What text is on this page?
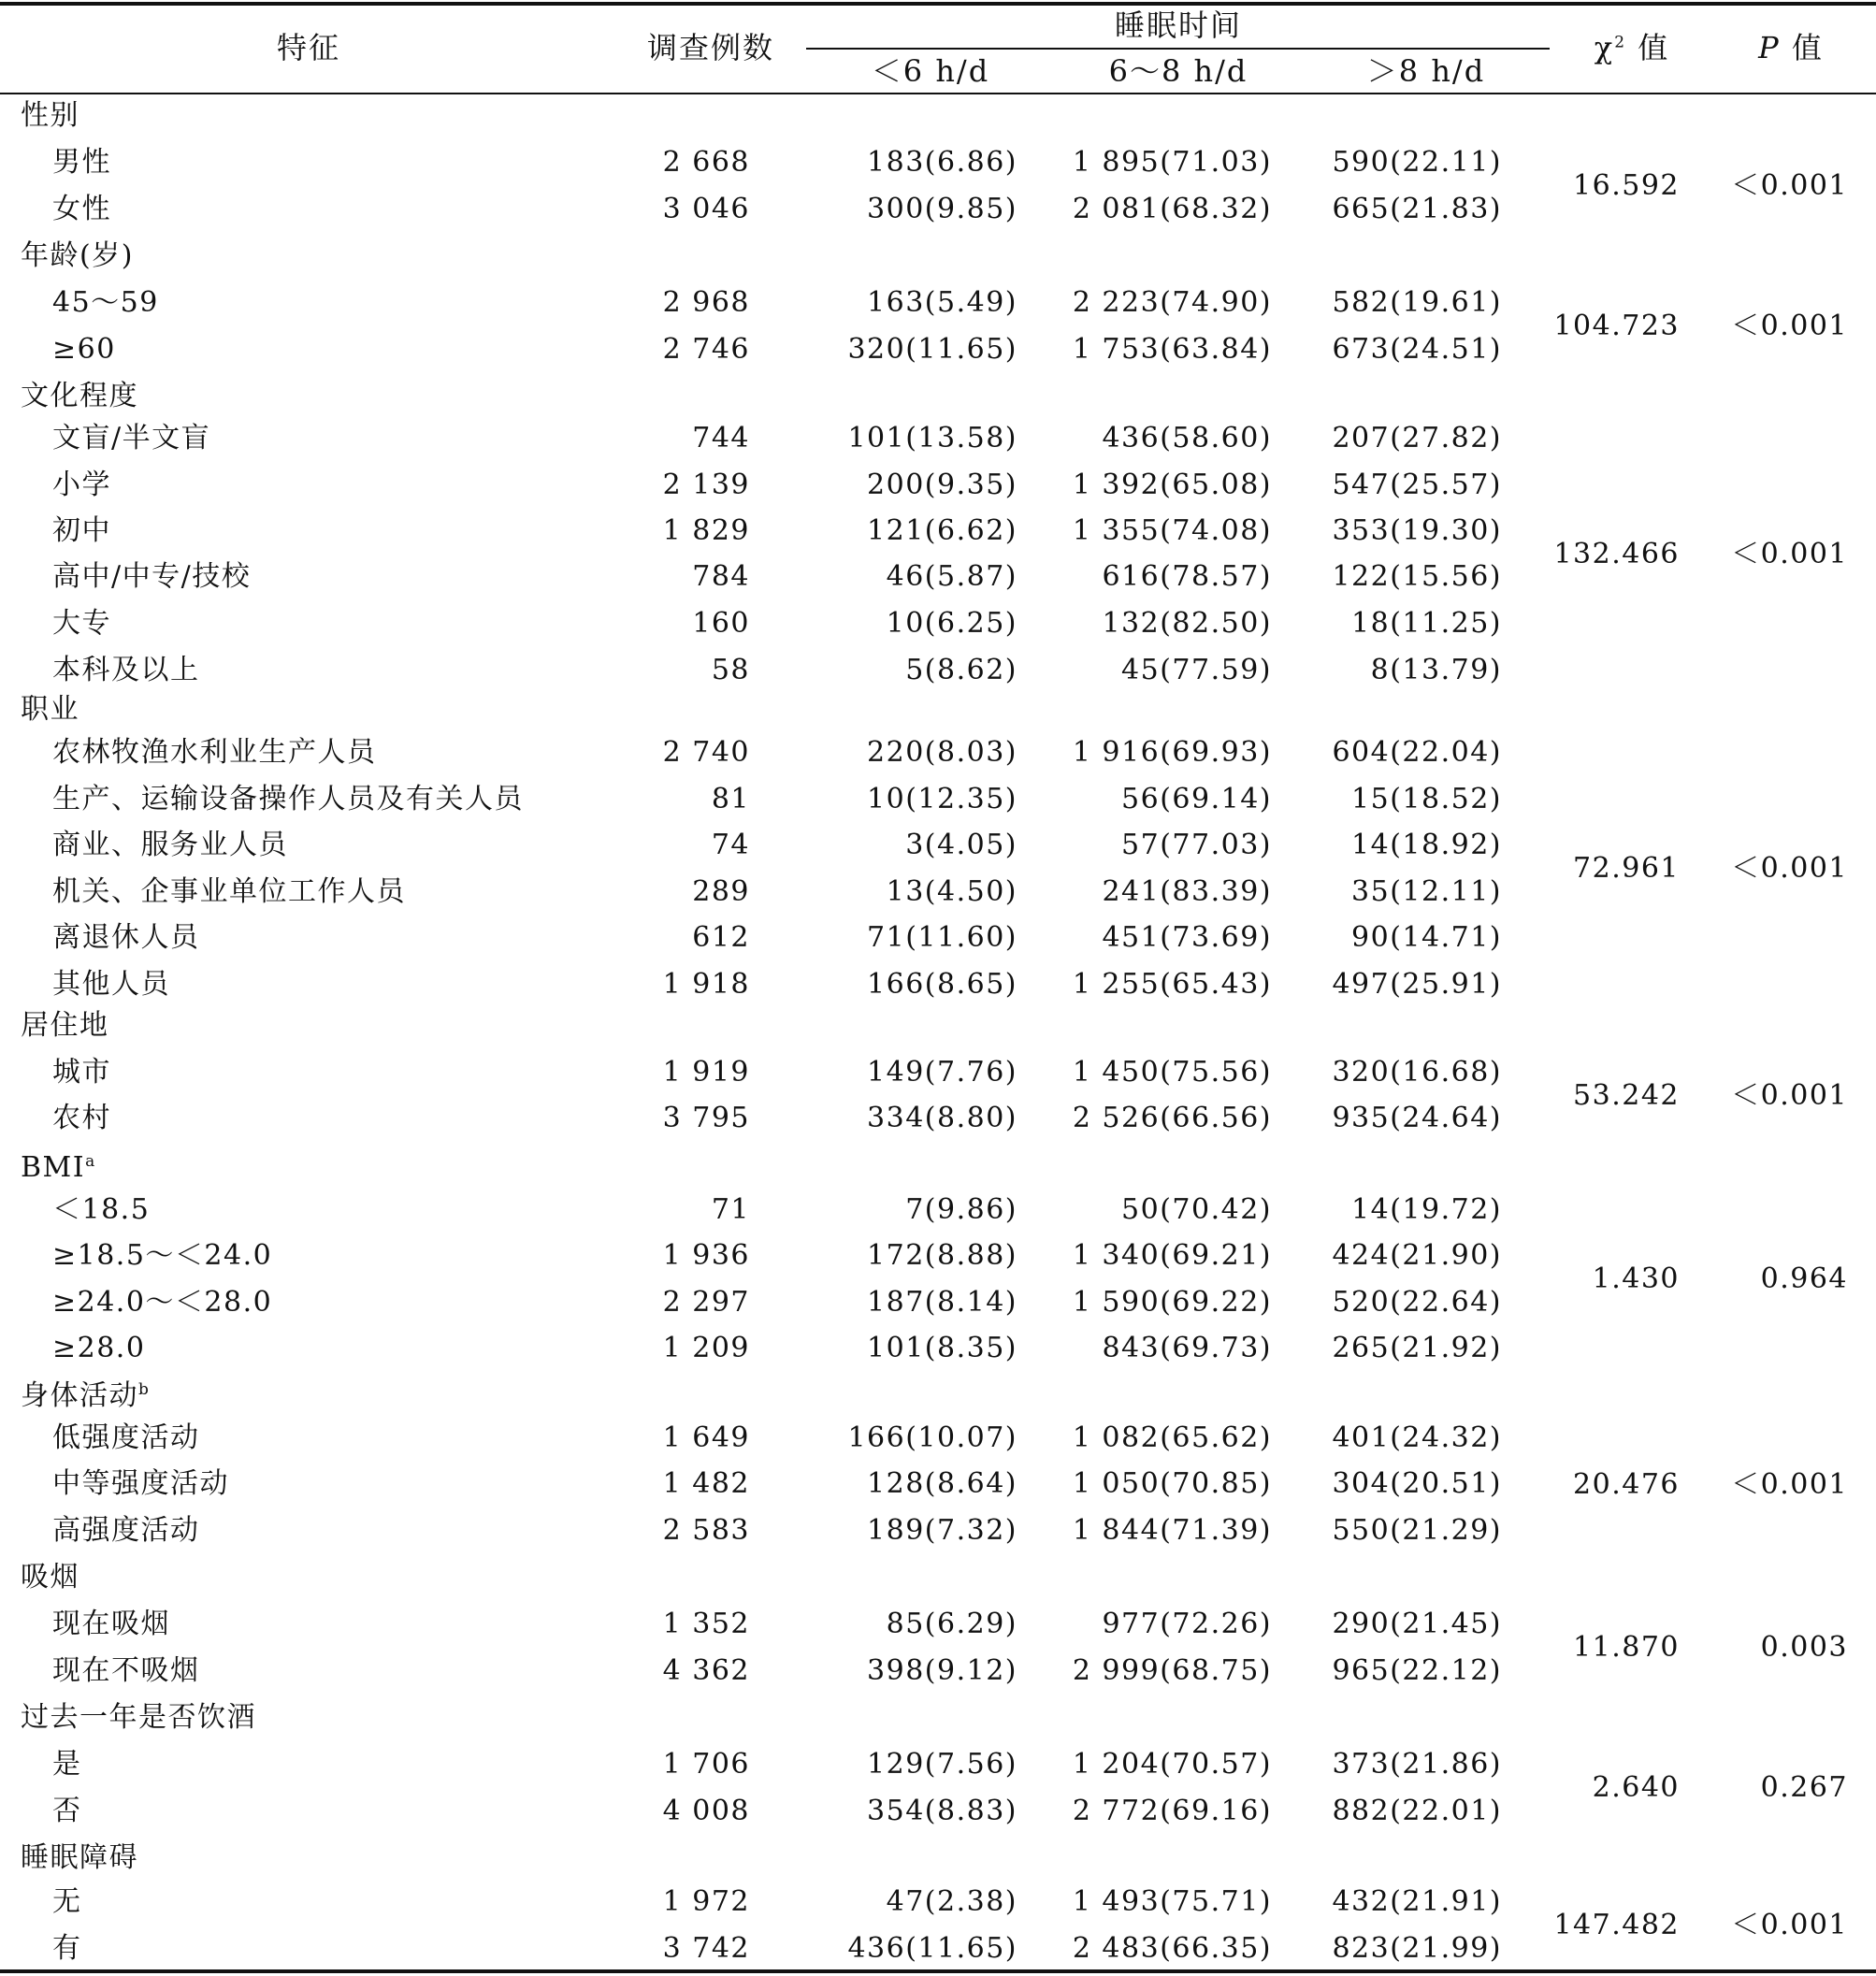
特征	调查例数
睡眠时间
＜6 h/d	6～8 h/d	＞8 h/d
$\chi^2$ 值	P 值
性别
男性	2 668	183(6.86) 1 895(71.03) 590(22.11)
女性	3 046	300(9.85) 2 081(68.32) 665(21.83)
16.592 ＜0.001
年龄(岁)
45～59	2 968	163(5.49) 2 223(74.90) 582(19.61)
≥60	2 746	320(11.65) 1 753(63.84) 673(24.51)
104.723 ＜0.001
文化程度
文盲/半文盲	744	101(13.58)	436(58.60) 207(27.82)
小学	2 139	200(9.35) 1 392(65.08) 547(25.57)
初中	1 829	121(6.62) 1 355(74.08) 353(19.30)
高中/中专/技校	784	46(5.87)	616(78.57) 122(15.56)
大专	160	10(6.25)	132(82.50)	18(11.25)
本科及以上	58	5(8.62)	45(77.59)	8(13.79)
132.466 ＜0.001
职业
农林牧渔水利业生产人员	2 740	220(8.03) 1 916(69.93) 604(22.04)
生产、运输设备操作人员及有关人员	81	10(12.35)	56(69.14)	15(18.52)
商业、服务业人员	74	3(4.05)	57(77.03)	14(18.92)
机关、企事业单位工作人员	289	13(4.50)	241(83.39)	35(12.11)
离退休人员	612	71(11.60)	451(73.69)	90(14.71)
其他人员	1 918	166(8.65) 1 255(65.43) 497(25.91)
72.961 ＜0.001
居住地
城市	1 919	149(7.76) 1 450(75.56) 320(16.68)
农村	3 795	334(8.80) 2 526(66.56) 935(24.64)
53.242 ＜0.001
$BMI^a$
＜18.5	71	7(9.86)	50(70.42)	14(19.72)
≥18.5～＜24.0	1 936	172(8.88) 1 340(69.21) 424(21.90)
≥24.0～＜28.0	2 297	187(8.14) 1 590(69.22) 520(22.64)
≥28.0	1 209	101(8.35)	843(69.73) 265(21.92)
1.430	0.964
身体活动$^b$
低强度活动	1 649	166(10.07) 1 082(65.62) 401(24.32)
中等强度活动	1 482	128(8.64) 1 050(70.85) 304(20.51)
高强度活动	2 583	189(7.32) 1 844(71.39) 550(21.29)
20.476 ＜0.001
吸烟
现在吸烟	1 352	85(6.29)	977(72.26) 290(21.45)
现在不吸烟	4 362	398(9.12) 2 999(68.75) 965(22.12)
11.870	0.003
过去一年是否饮酒
是	1 706	129(7.56) 1 204(70.57) 373(21.86)
否	4 008	354(8.83) 2 772(69.16) 882(22.01)
2.640	0.267
睡眠障碍
无	1 972	47(2.38) 1 493(75.71) 432(21.91)
有	3 742	436(11.65) 2 483(66.35) 823(21.99)
147.482 ＜0.001
